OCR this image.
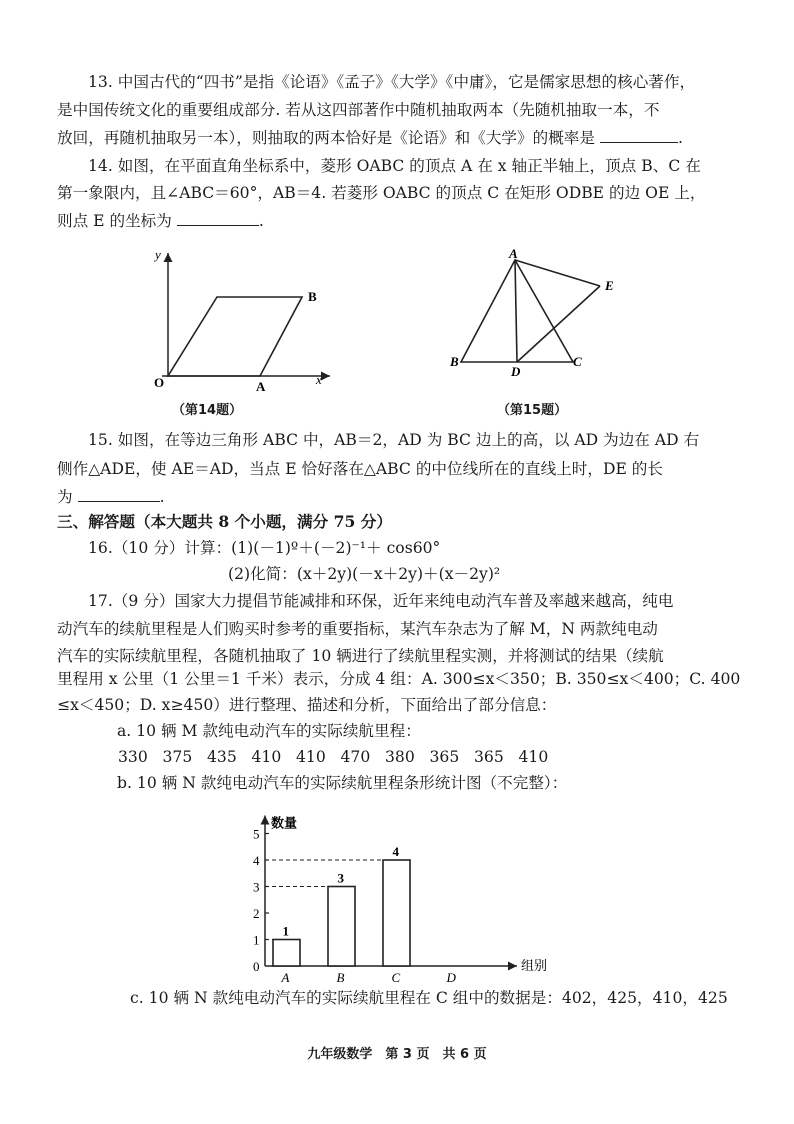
13. 中国古代的“四书”是指《论语》《孟子》《大学》《中庸》，它是儒家思想的核心著作，
是中国传统文化的重要组成部分. 若从这四部著作中随机抽取两本（先随机抽取一本，不
放回，再随机抽取另一本），则抽取的两本恰好是《论语》和《大学》的概率是	.
14. 如图，在平面直角坐标系中，菱形 OABC 的顶点 A 在 x 轴正半轴上，顶点 B、C 在
第一象限内，且∠ABC＝60°，AB＝4. 若菱形 OABC 的顶点 C 在矩形 ODBE 的边 OE 上，
则点 E 的坐标为	.
y
x
O	A
B
（第14题）
A
B	C
D
E
（第15题）
15. 如图，在等边三角形 ABC 中，AB＝2，AD 为 BC 边上的高，以 AD 为边在 AD 右
侧作△ADE，使 AE＝AD，当点 E 恰好落在△ABC 的中位线所在的直线上时，DE 的长
为	.
三、解答题（本大题共 8 个小题，满分 75 分）
16.（10 分）计算：(1)(－1)º＋(－2)⁻¹＋ cos60°
(2)化简：(x＋2y)(－x＋2y)＋(x－2y)²
17.（9 分）国家大力提倡节能减排和环保，近年来纯电动汽车普及率越来越高，纯电
动汽车的续航里程是人们购买时参考的重要指标，某汽车杂志为了解 M，N 两款纯电动
汽车的实际续航里程，各随机抽取了 10 辆进行了续航里程实测，并将测试的结果（续航
里程用 x 公里（1 公里＝1 千米）表示，分成 4 组：A. 300≤x＜350；B. 350≤x＜400；C. 400
≤x＜450；D. x≥450）进行整理、描述和分析，下面给出了部分信息：
a. 10 辆 M 款纯电动汽车的实际续航里程：
330 375 435 410 410 470 380 365 365 410
b. 10 辆 N 款纯电动汽车的实际续航里程条形统计图（不完整）：
0
1
2
3
4
5
数量
组别
1
A
3
B
4
C	D
c. 10 辆 N 款纯电动汽车的实际续航里程在 C 组中的数据是：402，425，410，425
九年级数学　第 3 页　共 6 页
